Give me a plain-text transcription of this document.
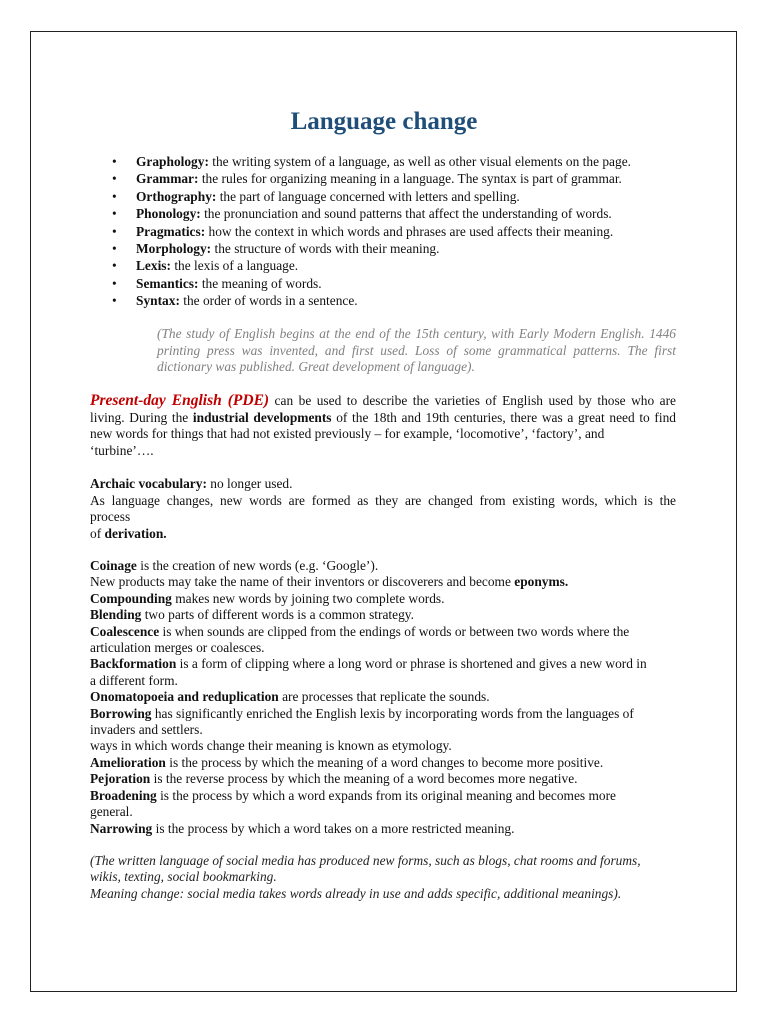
Language change
• Graphology: the writing system of a language, as well as other visual elements on the page.
• Grammar: the rules for organizing meaning in a language. The syntax is part of grammar.
• Orthography: the part of language concerned with letters and spelling.
• Phonology: the pronunciation and sound patterns that affect the understanding of words.
• Pragmatics: how the context in which words and phrases are used affects their meaning.
• Morphology: the structure of words with their meaning.
• Lexis: the lexis of a language.
• Semantics: the meaning of words.
• Syntax: the order of words in a sentence.

(The study of English begins at the end of the 15th century, with Early Modern English. 1446 printing press was invented, and first used. Loss of some grammatical patterns. The first dictionary was published. Great development of language).

Present-day English (PDE) can be used to describe the varieties of English used by those who are living. During the industrial developments of the 18th and 19th centuries, there was a great need to find new words for things that had not existed previously – for example, ‘locomotive’, ‘factory’, and
‘turbine’….

Archaic vocabulary: no longer used.
As language changes, new words are formed as they are changed from existing words, which is the
process
of derivation.

Coinage is the creation of new words (e.g. ‘Google’).

New products may take the name of their inventors or discoverers and become eponyms.

Compounding makes new words by joining two complete words.

Blending two parts of different words is a common strategy.

Coalescence is when sounds are clipped from the endings of words or between two words where the articulation merges or coalesces.

Backformation is a form of clipping where a long word or phrase is shortened and gives a new word in a different form.

Onomatopoeia and reduplication are processes that replicate the sounds.

Borrowing has significantly enriched the English lexis by incorporating words from the languages of invaders and settlers.

ways in which words change their meaning is known as etymology.

Amelioration is the process by which the meaning of a word changes to become more positive.

Pejoration is the reverse process by which the meaning of a word becomes more negative.

Broadening is the process by which a word expands from its original meaning and becomes more general.

Narrowing is the process by which a word takes on a more restricted meaning.

(The written language of social media has produced new forms, such as blogs, chat rooms and forums,
wikis, texting, social bookmarking.
Meaning change: social media takes words already in use and adds specific, additional meanings).
